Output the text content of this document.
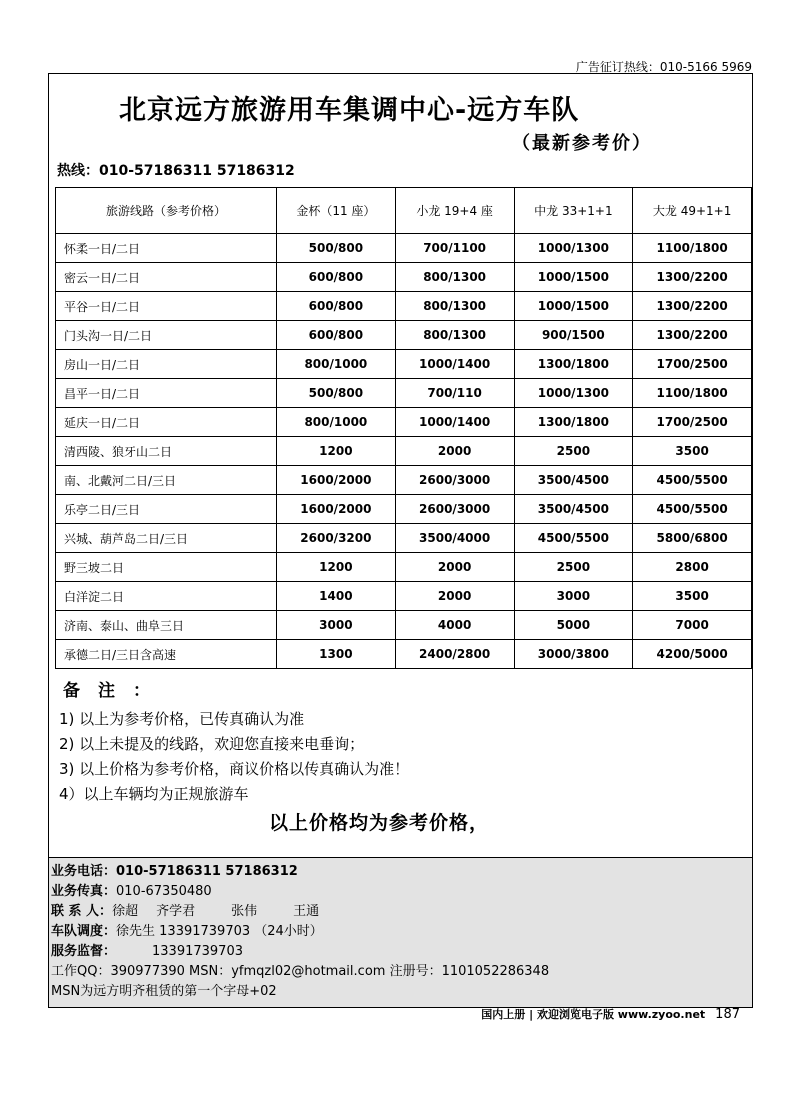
广告征订热线：010-5166 5969
北京远方旅游用车集调中心-远方车队
（最新参考价）
热线：010-57186311 57186312
旅游线路（参考价格）	金杯（11 座）	小龙 19+4 座	中龙 33+1+1	大龙 49+1+1
怀柔一日/二日	500/800	700/1100	1000/1300	1100/1800
密云一日/二日	600/800	800/1300	1000/1500	1300/2200
平谷一日/二日	600/800	800/1300	1000/1500	1300/2200
门头沟一日/二日	600/800	800/1300	900/1500	1300/2200
房山一日/二日	800/1000	1000/1400	1300/1800	1700/2500
昌平一日/二日	500/800	700/110	1000/1300	1100/1800
延庆一日/二日	800/1000	1000/1400	1300/1800	1700/2500
清西陵、狼牙山二日	1200	2000	2500	3500
南、北戴河二日/三日	1600/2000	2600/3000	3500/4500	4500/5500
乐亭二日/三日	1600/2000	2600/3000	3500/4500	4500/5500
兴城、葫芦岛二日/三日	2600/3200	3500/4000	4500/5500	5800/6800
野三坡二日	1200	2000	2500	2800
白洋淀二日	1400	2000	3000	3500
济南、泰山、曲阜三日	3000	4000	5000	7000
承德二日/三日含高速	1300	2400/2800	3000/3800	4200/5000
备注：
1) 以上为参考价格，已传真确认为准
2) 以上未提及的线路，欢迎您直接来电垂询；
3) 以上价格为参考价格，商议价格以传真确认为准！
4）以上车辆均为正规旅游车
以上价格均为参考价格，
业务电话：010-57186311 57186312
业务传真：010-67350480
联 系 人：徐超 齐学君	张伟	王通
车队调度：徐先生 13391739703 （24小时）
服务监督：	13391739703
工作QQ：390977390 MSN：yfmqzl02@hotmail.com 注册号：1101052286348
MSN为远方明齐租赁的第一个字母+02
国内上册 | 欢迎浏览电子版 www.zyoo.net 187
